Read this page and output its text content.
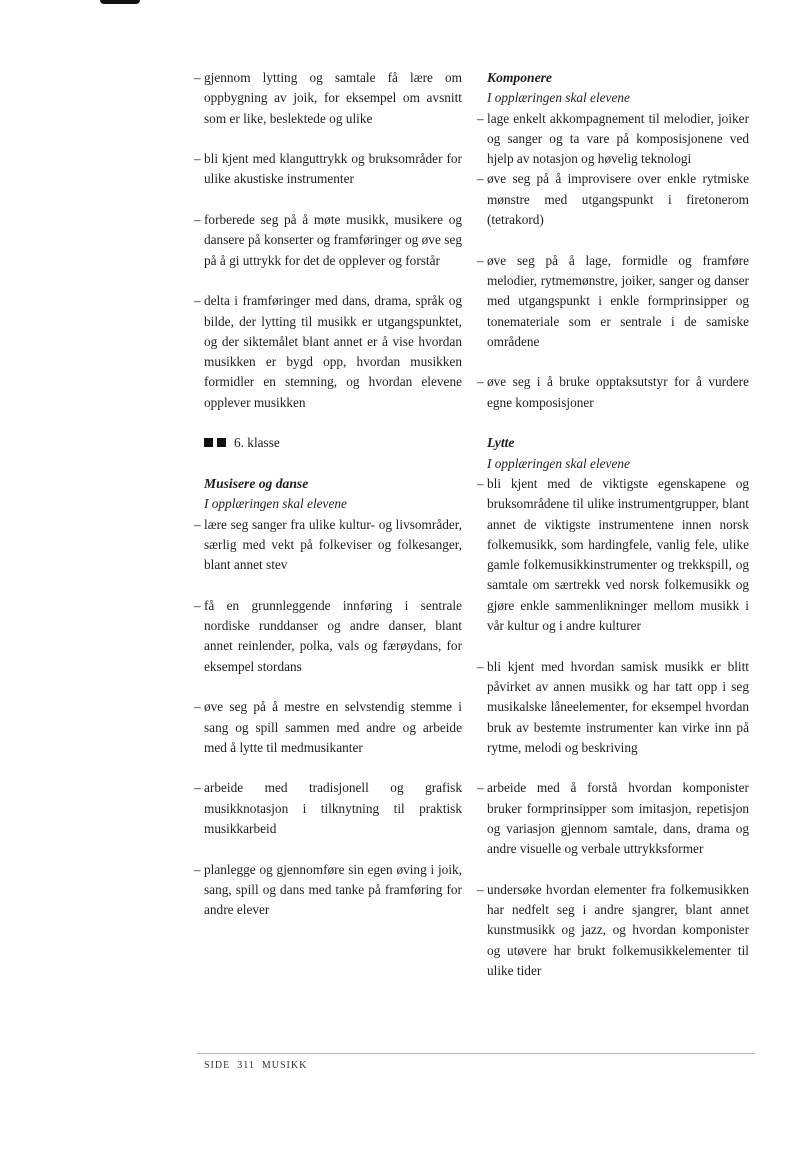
– gjennom lytting og samtale få lære om oppbygning av joik, for eksempel om avsnitt som er like, beslektede og ulike

– bli kjent med klanguttrykk og bruksområder for ulike akustiske instrumenter

– forberede seg på å møte musikk, musikere og dansere på konserter og framføringer og øve seg på å gi uttrykk for det de opplever og forstår

– delta i framføringer med dans, drama, språk og bilde, der lytting til musikk er utgangspunktet, og der siktemålet blant annet er å vise hvordan musikken er bygd opp, hvordan musikken formidler en stemning, og hvordan elevene opplever musikken

6. klasse

Musisere og danse

I opplæringen skal elevene

– lære seg sanger fra ulike kultur- og livsområder, særlig med vekt på folkeviser og folkesanger, blant annet stev

– få en grunnleggende innføring i sentrale nordiske runddanser og andre danser, blant annet reinlender, polka, vals og færøydans, for eksempel stordans

– øve seg på å mestre en selvstendig stemme i sang og spill sammen med andre og arbeide med å lytte til medmusikanter

– arbeide med tradisjonell og grafisk musikknotasjon i tilknytning til praktisk musikkarbeid

– planlegge og gjennomføre sin egen øving i joik, sang, spill og dans med tanke på framføring for andre elever

Komponere

I opplæringen skal elevene

– lage enkelt akkompagnement til melodier, joiker og sanger og ta vare på komposisjonene ved hjelp av notasjon og høvelig teknologi

– øve seg på å improvisere over enkle rytmiske mønstre med utgangspunkt i firetonerom (tetrakord)

– øve seg på å lage, formidle og framføre melodier, rytmemønstre, joiker, sanger og danser med utgangspunkt i enkle formprinsipper og tonemateriale som er sentrale i de samiske områdene

– øve seg i å bruke opptaksutstyr for å vurdere egne komposisjoner

Lytte

I opplæringen skal elevene

– bli kjent med de viktigste egenskapene og bruksområdene til ulike instrumentgrupper, blant annet de viktigste instrumentene innen norsk folkemusikk, som hardingfele, vanlig fele, ulike gamle folkemusikkinstrumenter og trekkspill, og samtale om særtrekk ved norsk folkemusikk og gjøre enkle sammenlikninger mellom musikk i vår kultur og i andre kulturer

– bli kjent med hvordan samisk musikk er blitt påvirket av annen musikk og har tatt opp i seg musikalske låneelementer, for eksempel hvordan bruk av bestemte instrumenter kan virke inn på rytme, melodi og beskriving

– arbeide med å forstå hvordan komponister bruker formprinsipper som imitasjon, repetisjon og variasjon gjennom samtale, dans, drama og andre visuelle og verbale uttrykksformer

– undersøke hvordan elementer fra folkemusikken har nedfelt seg i andre sjangrer, blant annet kunstmusikk og jazz, og hvordan komponister og utøvere har brukt folkemusikkelementer til ulike tider

SIDE 311 MUSIKK
